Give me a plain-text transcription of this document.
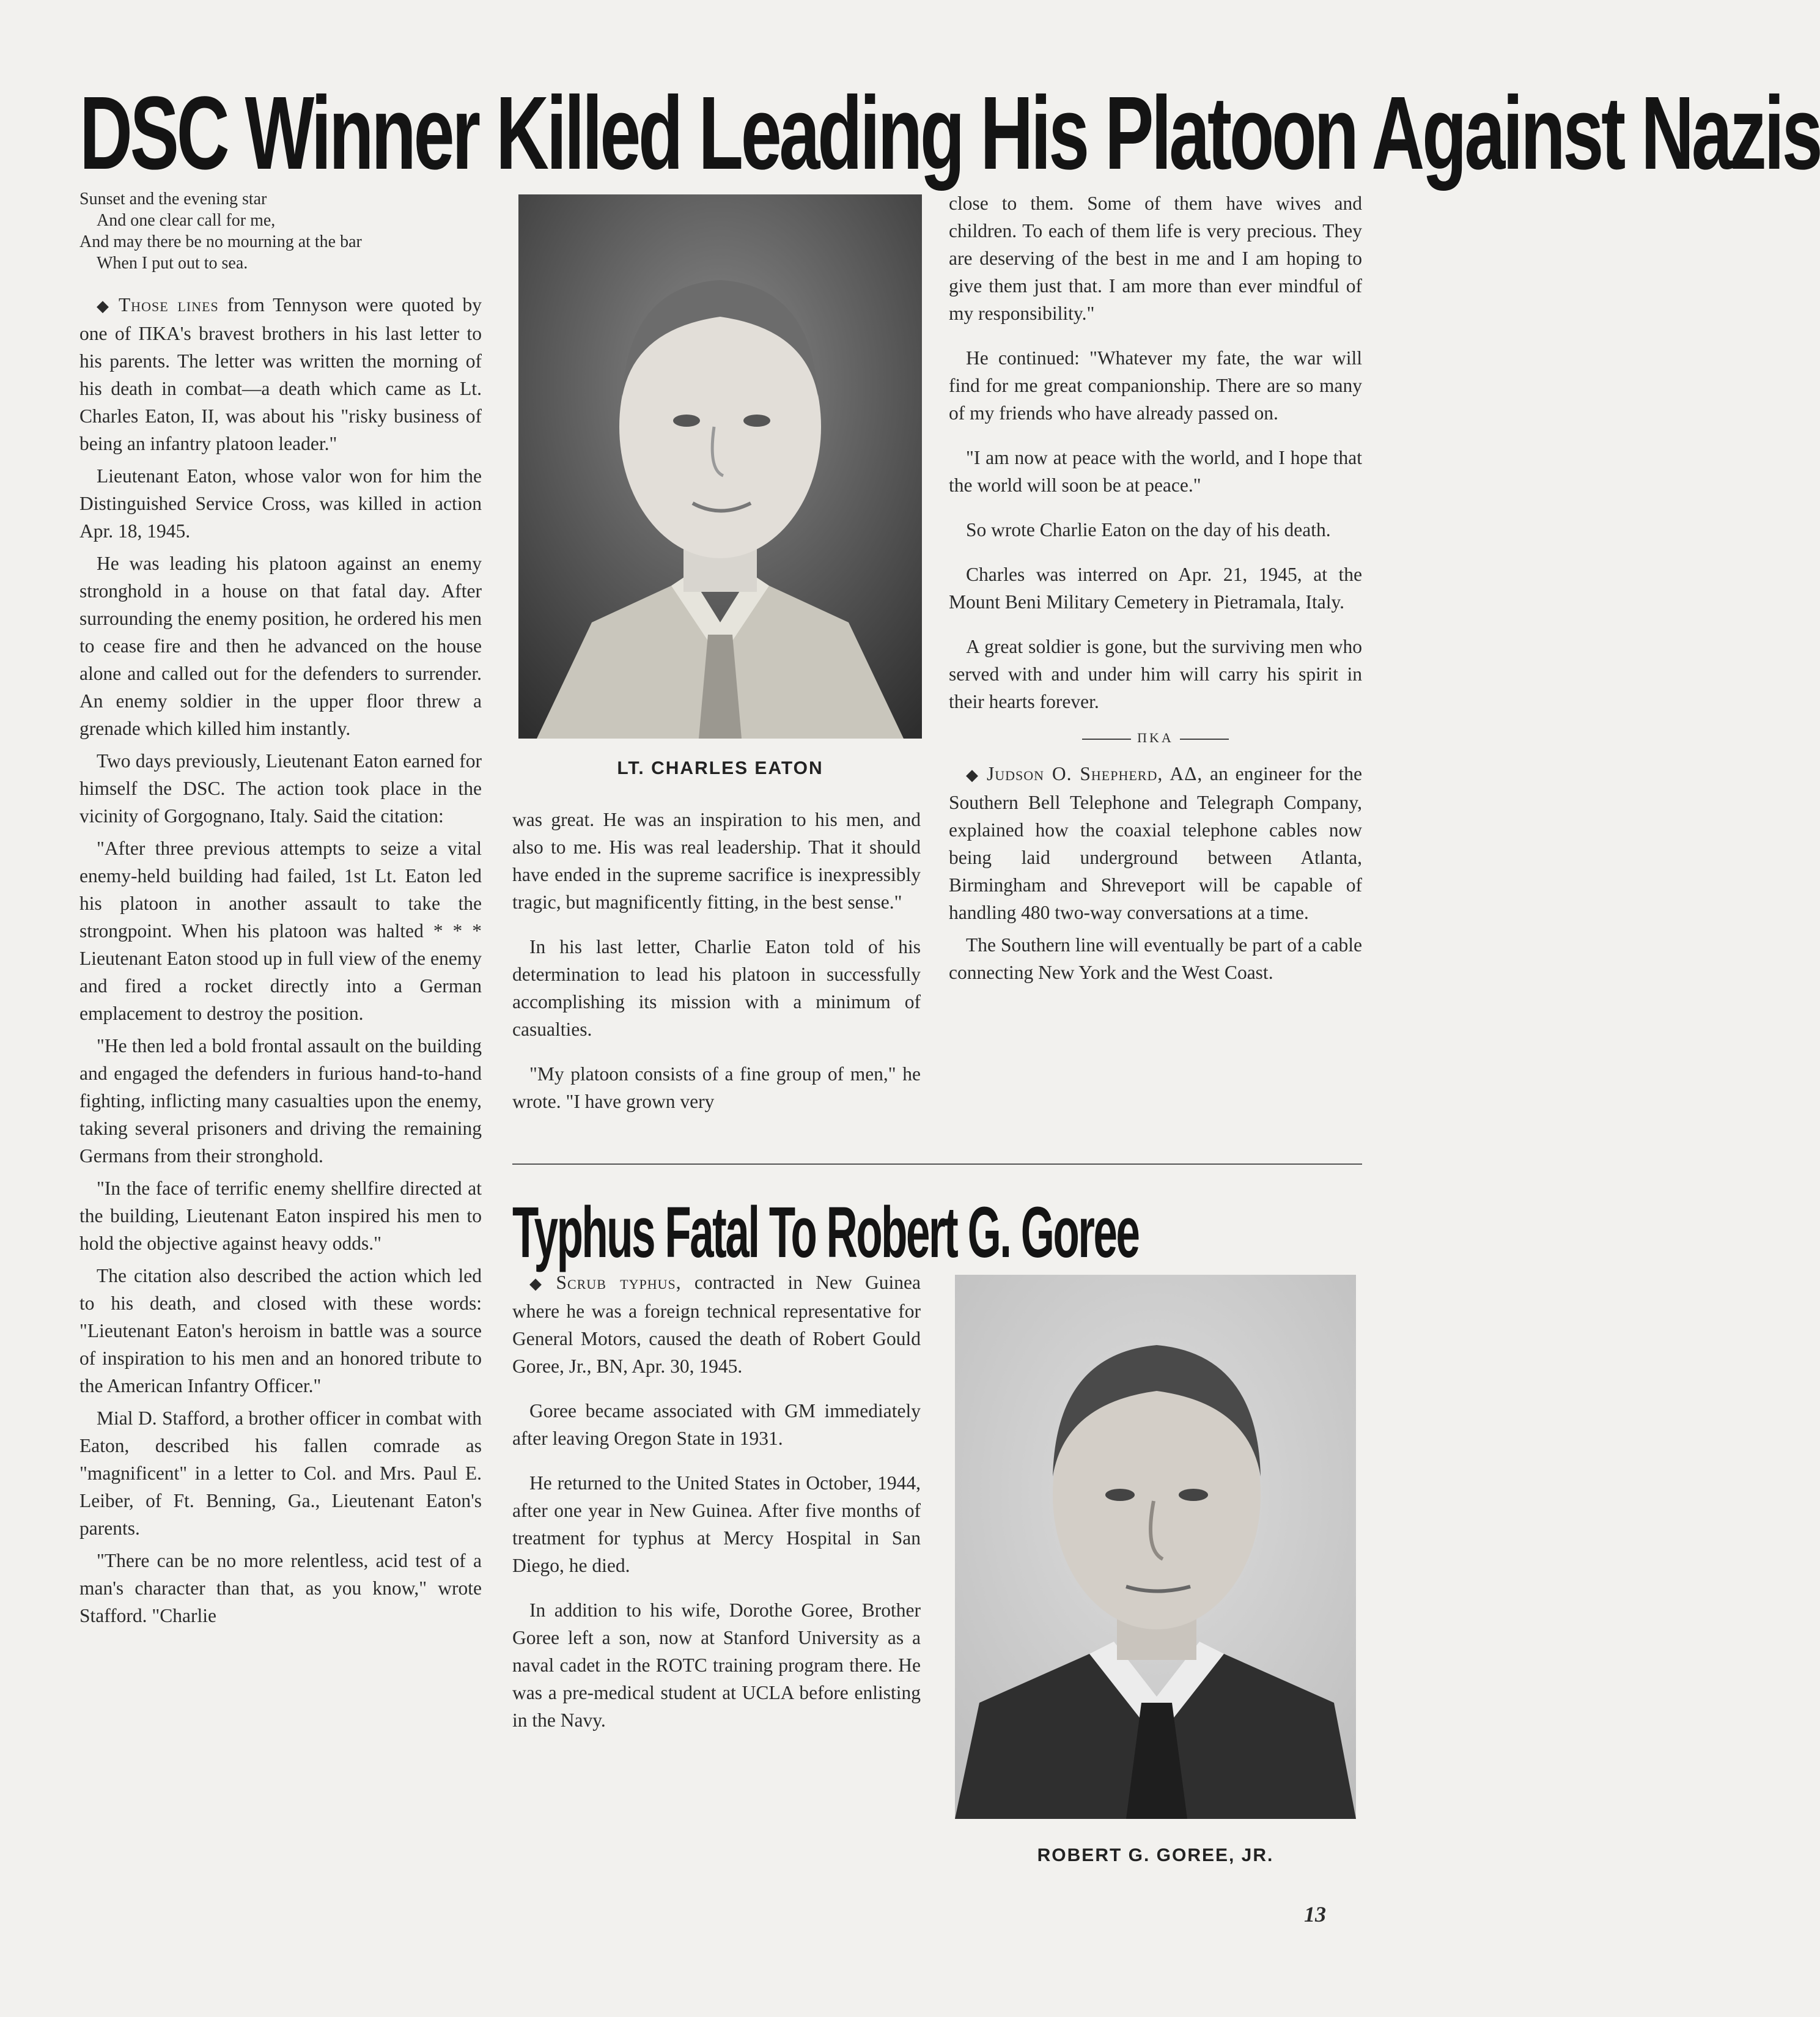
DSC Winner Killed Leading His Platoon Against Nazis
Sunset and the evening star
And one clear call for me,
And may there be no mourning at the bar
When I put out to sea.

◆ Those lines from Tennyson were quoted by one of ΠKA's bravest brothers in his last letter to his parents. The letter was written the morning of his death in combat—a death which came as Lt. Charles Eaton, II, was about his "risky business of being an infantry platoon leader."

Lieutenant Eaton, whose valor won for him the Distinguished Service Cross, was killed in action Apr. 18, 1945.

He was leading his platoon against an enemy stronghold in a house on that fatal day. After surrounding the enemy position, he ordered his men to cease fire and then he advanced on the house alone and called out for the defenders to surrender. An enemy soldier in the upper floor threw a grenade which killed him instantly.

Two days previously, Lieutenant Eaton earned for himself the DSC. The action took place in the vicinity of Gorgognano, Italy. Said the citation:

"After three previous attempts to seize a vital enemy-held building had failed, 1st Lt. Eaton led his platoon in another assault to take the strongpoint. When his platoon was halted * * * Lieutenant Eaton stood up in full view of the enemy and fired a rocket directly into a German emplacement to destroy the position.

"He then led a bold frontal assault on the building and engaged the defenders in furious hand-to-hand fighting, inflicting many casualties upon the enemy, taking several prisoners and driving the remaining Germans from their stronghold.

"In the face of terrific enemy shellfire directed at the building, Lieutenant Eaton inspired his men to hold the objective against heavy odds."

The citation also described the action which led to his death, and closed with these words: "Lieutenant Eaton's heroism in battle was a source of inspiration to his men and an honored tribute to the American Infantry Officer."

Mial D. Stafford, a brother officer in combat with Eaton, described his fallen comrade as "magnificent" in a letter to Col. and Mrs. Paul E. Leiber, of Ft. Benning, Ga., Lieutenant Eaton's parents.

"There can be no more relentless, acid test of a man's character than that, as you know," wrote Stafford. "Charlie

LT. CHARLES EATON

was great. He was an inspiration to his men, and also to me. His was real leadership. That it should have ended in the supreme sacrifice is inexpressibly tragic, but magnificently fitting, in the best sense."

In his last letter, Charlie Eaton told of his determination to lead his platoon in successfully accomplishing its mission with a minimum of casualties.

"My platoon consists of a fine group of men," he wrote. "I have grown very

close to them. Some of them have wives and children. To each of them life is very precious. They are deserving of the best in me and I am hoping to give them just that. I am more than ever mindful of my responsibility."

He continued: "Whatever my fate, the war will find for me great companionship. There are so many of my friends who have already passed on.

"I am now at peace with the world, and I hope that the world will soon be at peace."

So wrote Charlie Eaton on the day of his death.

Charles was interred on Apr. 21, 1945, at the Mount Beni Military Cemetery in Pietramala, Italy.

A great soldier is gone, but the surviving men who served with and under him will carry his spirit in their hearts forever.

ΠKA

◆ Judson O. Shepherd, AΔ, an engineer for the Southern Bell Telephone and Telegraph Company, explained how the coaxial telephone cables now being laid underground between Atlanta, Birmingham and Shreveport will be capable of handling 480 two-way conversations at a time.

The Southern line will eventually be part of a cable connecting New York and the West Coast.

Typhus Fatal To Robert G. Goree

◆ Scrub typhus, contracted in New Guinea where he was a foreign technical representative for General Motors, caused the death of Robert Gould Goree, Jr., BN, Apr. 30, 1945.

Goree became associated with GM immediately after leaving Oregon State in 1931.

He returned to the United States in October, 1944, after one year in New Guinea. After five months of treatment for typhus at Mercy Hospital in San Diego, he died.

In addition to his wife, Dorothe Goree, Brother Goree left a son, now at Stanford University as a naval cadet in the ROTC training program there. He was a pre-medical student at UCLA before enlisting in the Navy.

ROBERT G. GOREE, JR.
13
